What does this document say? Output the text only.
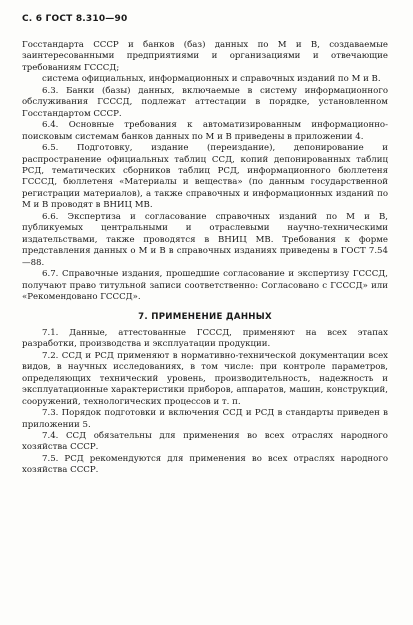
С. 6 ГОСТ 8.310—90

Госстандарта СССР и банков (баз) данных по М и В, создаваемые заинтересованными предприятиями и организациями и отвечающие требованиям ГСССД;

система официальных, информационных и справочных изданий по М и В.

6.3. Банки (базы) данных, включаемые в систему информационного обслуживания ГСССД, подлежат аттестации в порядке, установленном Госстандартом СССР.

6.4. Основные требования к автоматизированным информационно-поисковым системам банков данных по М и В приведены в приложении 4.

6.5. Подготовку, издание (переиздание), депонирование и распространение официальных таблиц ССД, копий депонированных таблиц РСД, тематических сборников таблиц РСД, информационного бюллетеня ГСССД, бюллетеня «Материалы и вещества» (по данным государственной регистрации материалов), а также справочных и информационных изданий по М и В проводят в ВНИЦ МВ.

6.6. Экспертиза и согласование справочных изданий по М и В, публикуемых центральными и отраслевыми научно-техническими издательствами, также проводятся в ВНИЦ МВ. Требования к форме представления данных о М и В в справочных изданиях приведены в ГОСТ 7.54—88.

6.7. Справочные издания, прошедшие согласование и экспертизу ГСССД, получают право титульной записи соответственно: Согласовано с ГСССД» или «Рекомендовано ГСССД».

7. ПРИМЕНЕНИЕ ДАННЫХ

7.1. Данные, аттестованные ГСССД, применяют на всех этапах разработки, производства и эксплуатации продукции.

7.2. ССД и РСД применяют в нормативно-технической документации всех видов, в научных исследованиях, в том числе: при контроле параметров, определяющих технический уровень, производительность, надежность и эксплуатационные характеристики приборов, аппаратов, машин, конструкций, сооружений, технологических процессов и т. п.

7.3. Порядок подготовки и включения ССД и РСД в стандарты приведен в приложении 5.

7.4. ССД обязательны для применения во всех отраслях народного хозяйства СССР.

7.5. РСД рекомендуются для применения во всех отраслях народного хозяйства СССР.
